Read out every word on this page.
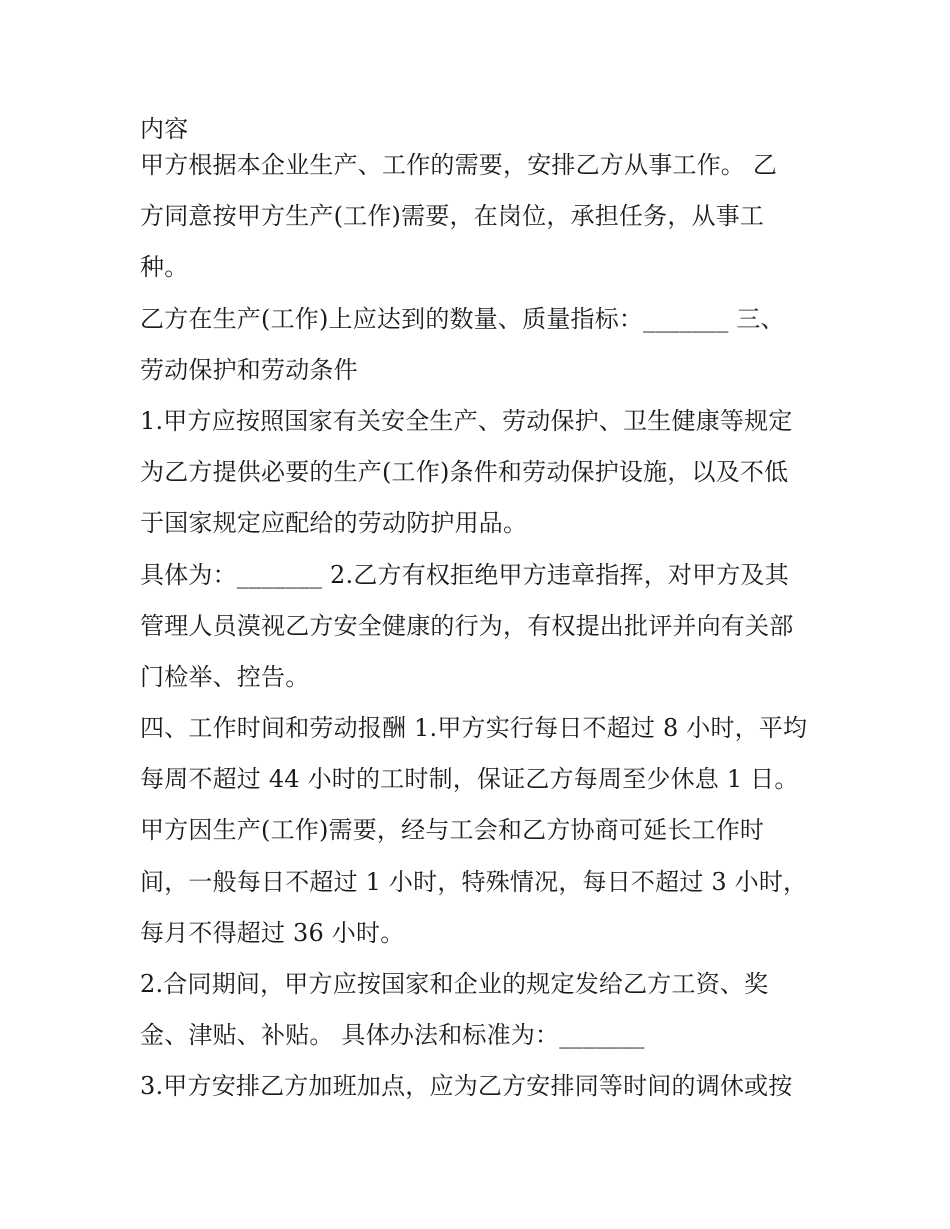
内容
甲方根据本企业生产、工作的需要，安排乙方从事工作。 乙
方同意按甲方生产(工作)需要，在岗位，承担任务，从事工
种。
乙方在生产(工作)上应达到的数量、质量指标：_______ 三、
劳动保护和劳动条件
1.甲方应按照国家有关安全生产、劳动保护、卫生健康等规定
为乙方提供必要的生产(工作)条件和劳动保护设施，以及不低
于国家规定应配给的劳动防护用品。
具体为：_______ 2.乙方有权拒绝甲方违章指挥，对甲方及其
管理人员漠视乙方安全健康的行为，有权提出批评并向有关部
门检举、控告。
四、工作时间和劳动报酬 1.甲方实行每日不超过 8 小时，平均
每周不超过 44 小时的工时制，保证乙方每周至少休息 1 日。
甲方因生产(工作)需要，经与工会和乙方协商可延长工作时
间，一般每日不超过 1 小时，特殊情况，每日不超过 3 小时，
每月不得超过 36 小时。
2.合同期间，甲方应按国家和企业的规定发给乙方工资、奖
金、津贴、补贴。 具体办法和标准为：_______
3.甲方安排乙方加班加点，应为乙方安排同等时间的调休或按
